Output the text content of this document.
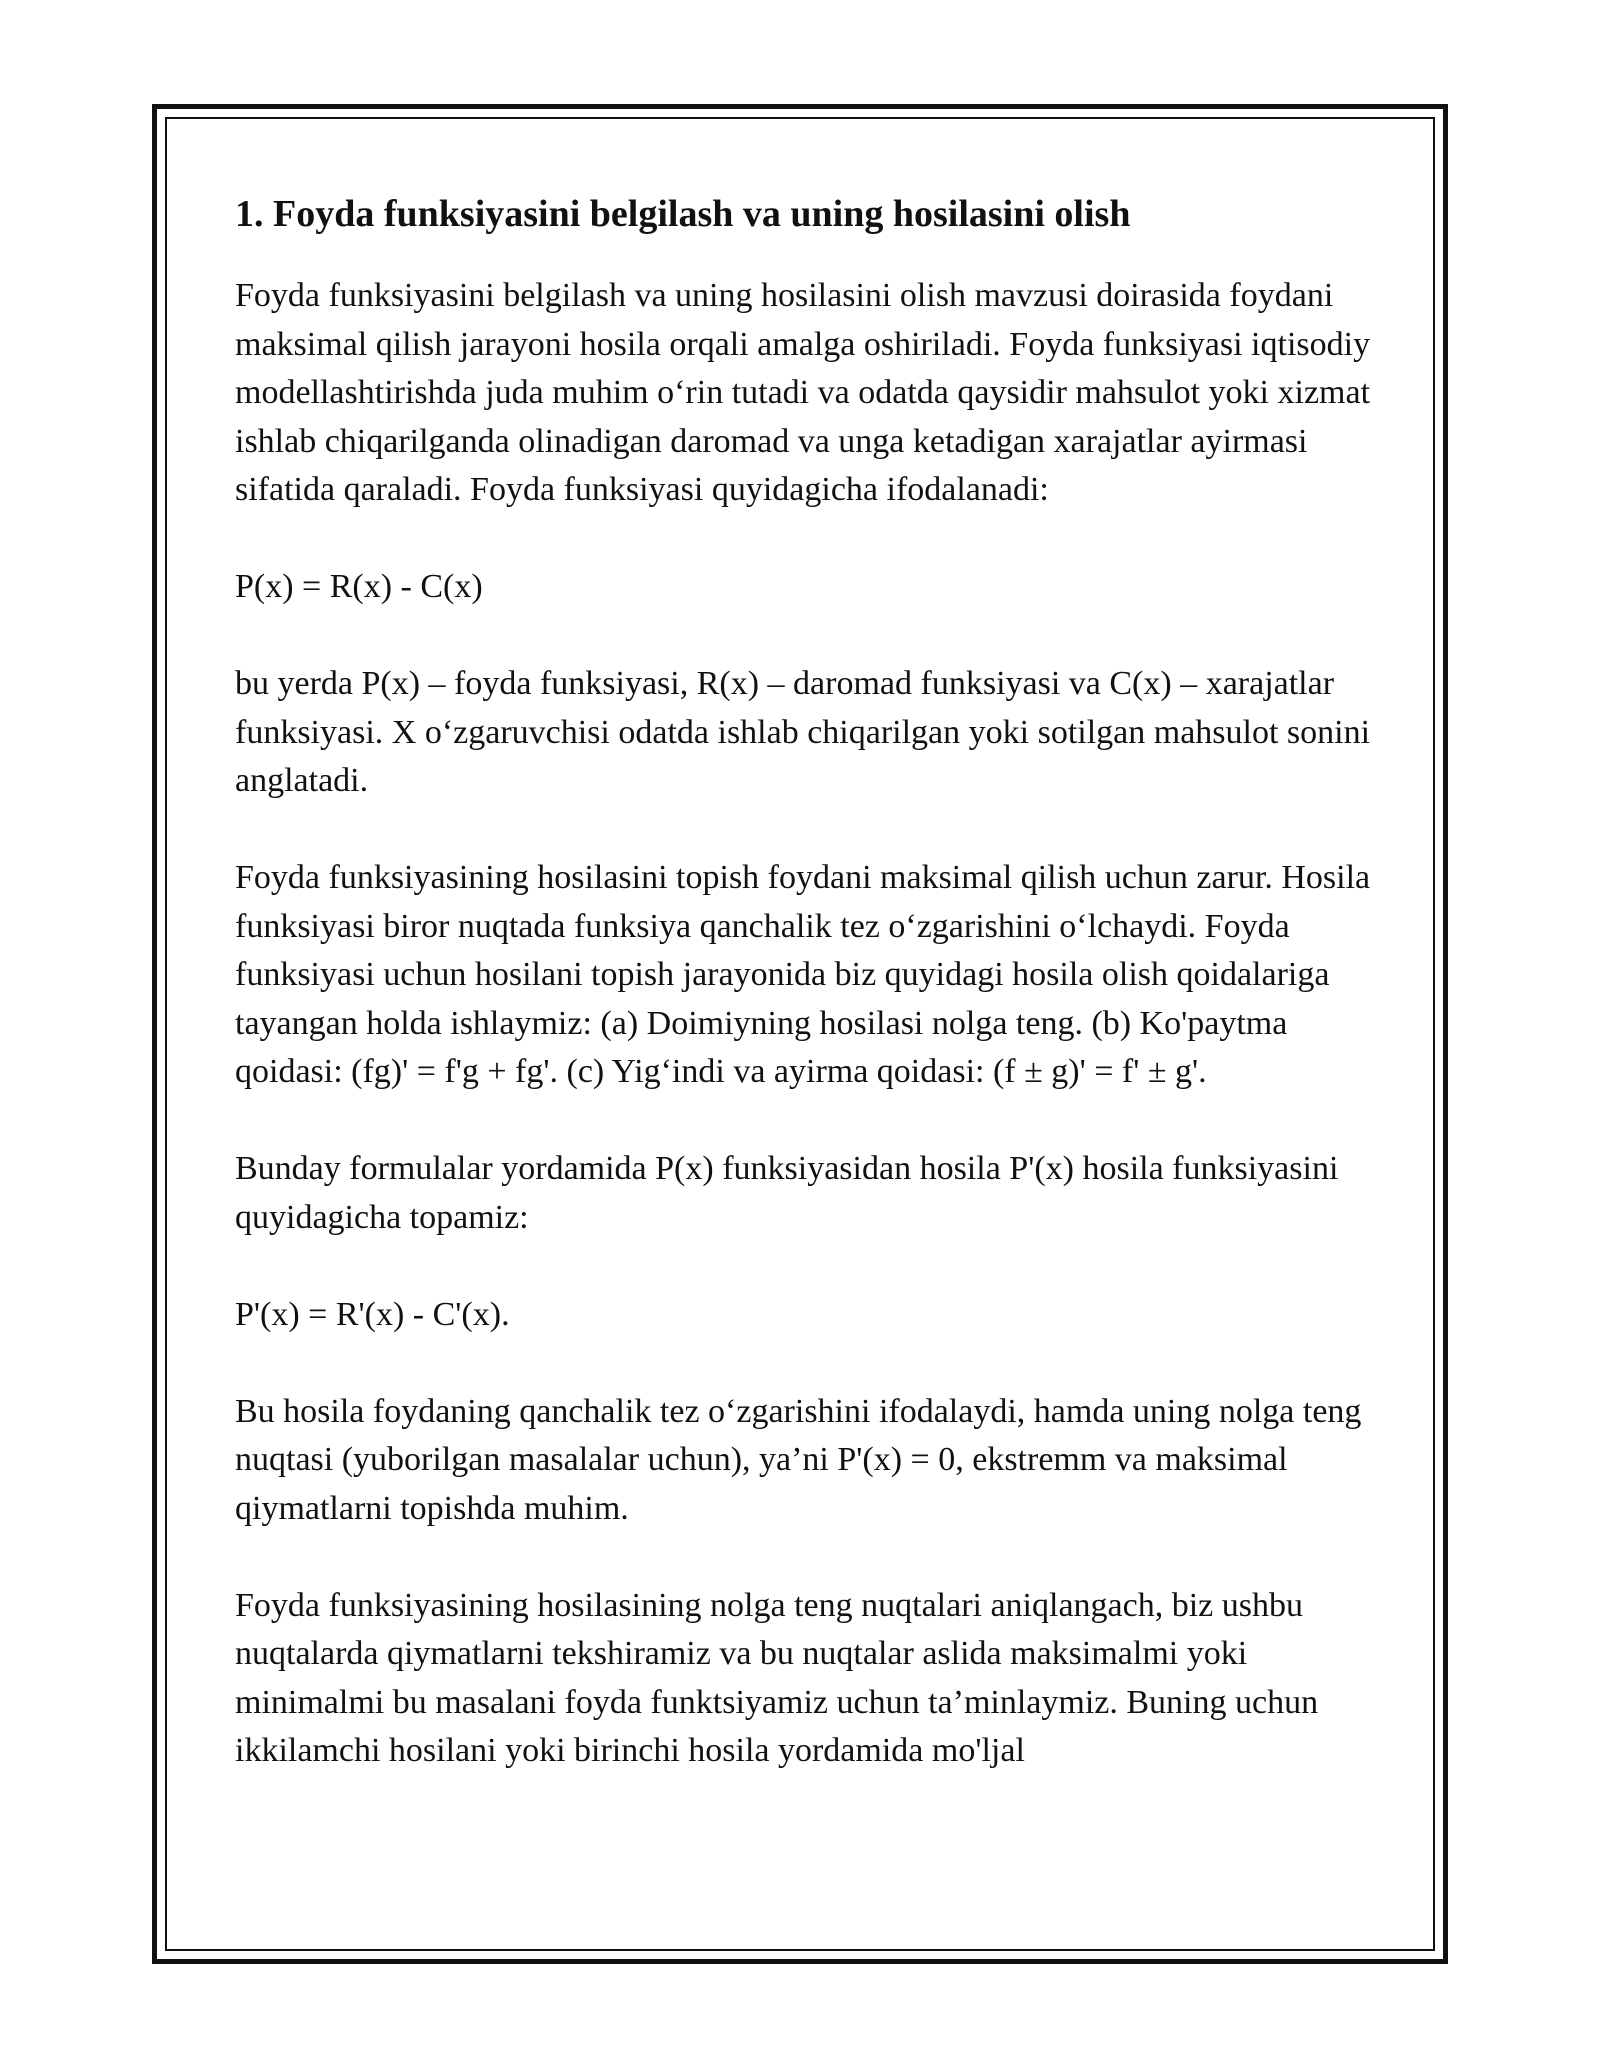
1. Foyda funksiyasini belgilash va uning hosilasini olish

Foyda funksiyasini belgilash va uning hosilasini olish mavzusi doirasida foydani maksimal qilish jarayoni hosila orqali amalga oshiriladi. Foyda funksiyasi iqtisodiy modellashtirishda juda muhim o‘rin tutadi va odatda qaysidir mahsulot yoki xizmat ishlab chiqarilganda olinadigan daromad va unga ketadigan xarajatlar ayirmasi sifatida qaraladi. Foyda funksiyasi quyidagicha ifodalanadi:

P(x) = R(x) - C(x)

bu yerda P(x) – foyda funksiyasi, R(x) – daromad funksiyasi va C(x) – xarajatlar funksiyasi. X o‘zgaruvchisi odatda ishlab chiqarilgan yoki sotilgan mahsulot sonini anglatadi.

Foyda funksiyasining hosilasini topish foydani maksimal qilish uchun zarur. Hosila funksiyasi biror nuqtada funksiya qanchalik tez o‘zgarishini o‘lchaydi. Foyda funksiyasi uchun hosilani topish jarayonida biz quyidagi hosila olish qoidalariga tayangan holda ishlaymiz: (a) Doimiyning hosilasi nolga teng. (b) Ko'paytma qoidasi: (fg)' = f'g + fg'. (c) Yig‘indi va ayirma qoidasi: (f ± g)' = f' ± g'.

Bunday formulalar yordamida P(x) funksiyasidan hosila P'(x) hosila funksiyasini quyidagicha topamiz:

P'(x) = R'(x) - C'(x).

Bu hosila foydaning qanchalik tez o‘zgarishini ifodalaydi, hamda uning nolga teng nuqtasi (yuborilgan masalalar uchun), ya’ni P'(x) = 0, ekstremm va maksimal qiymatlarni topishda muhim.

Foyda funksiyasining hosilasining nolga teng nuqtalari aniqlangach, biz ushbu nuqtalarda qiymatlarni tekshiramiz va bu nuqtalar aslida maksimalmi yoki minimalmi bu masalani foyda funktsiyamiz uchun ta’minlaymiz. Buning uchun ikkilamchi hosilani yoki birinchi hosila yordamida mo'ljal
